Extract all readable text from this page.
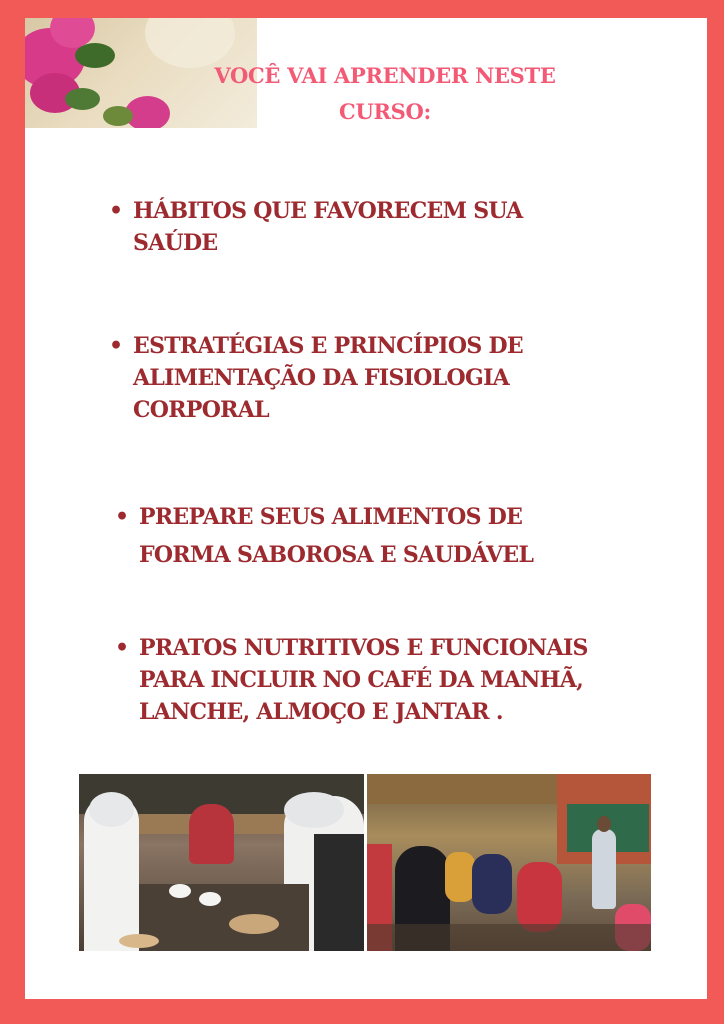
VOCÊ VAI APRENDER NESTE
CURSO:
• HÁBITOS QUE FAVORECEM SUA
SAÚDE
• ESTRATÉGIAS E PRINCÍPIOS DE
ALIMENTAÇÃO DA FISIOLOGIA
CORPORAL
• PREPARE SEUS ALIMENTOS DE
FORMA SABOROSA E SAUDÁVEL
• PRATOS NUTRITIVOS E FUNCIONAIS
PARA INCLUIR NO CAFÉ DA MANHÃ,
LANCHE, ALMOÇO E JANTAR .
